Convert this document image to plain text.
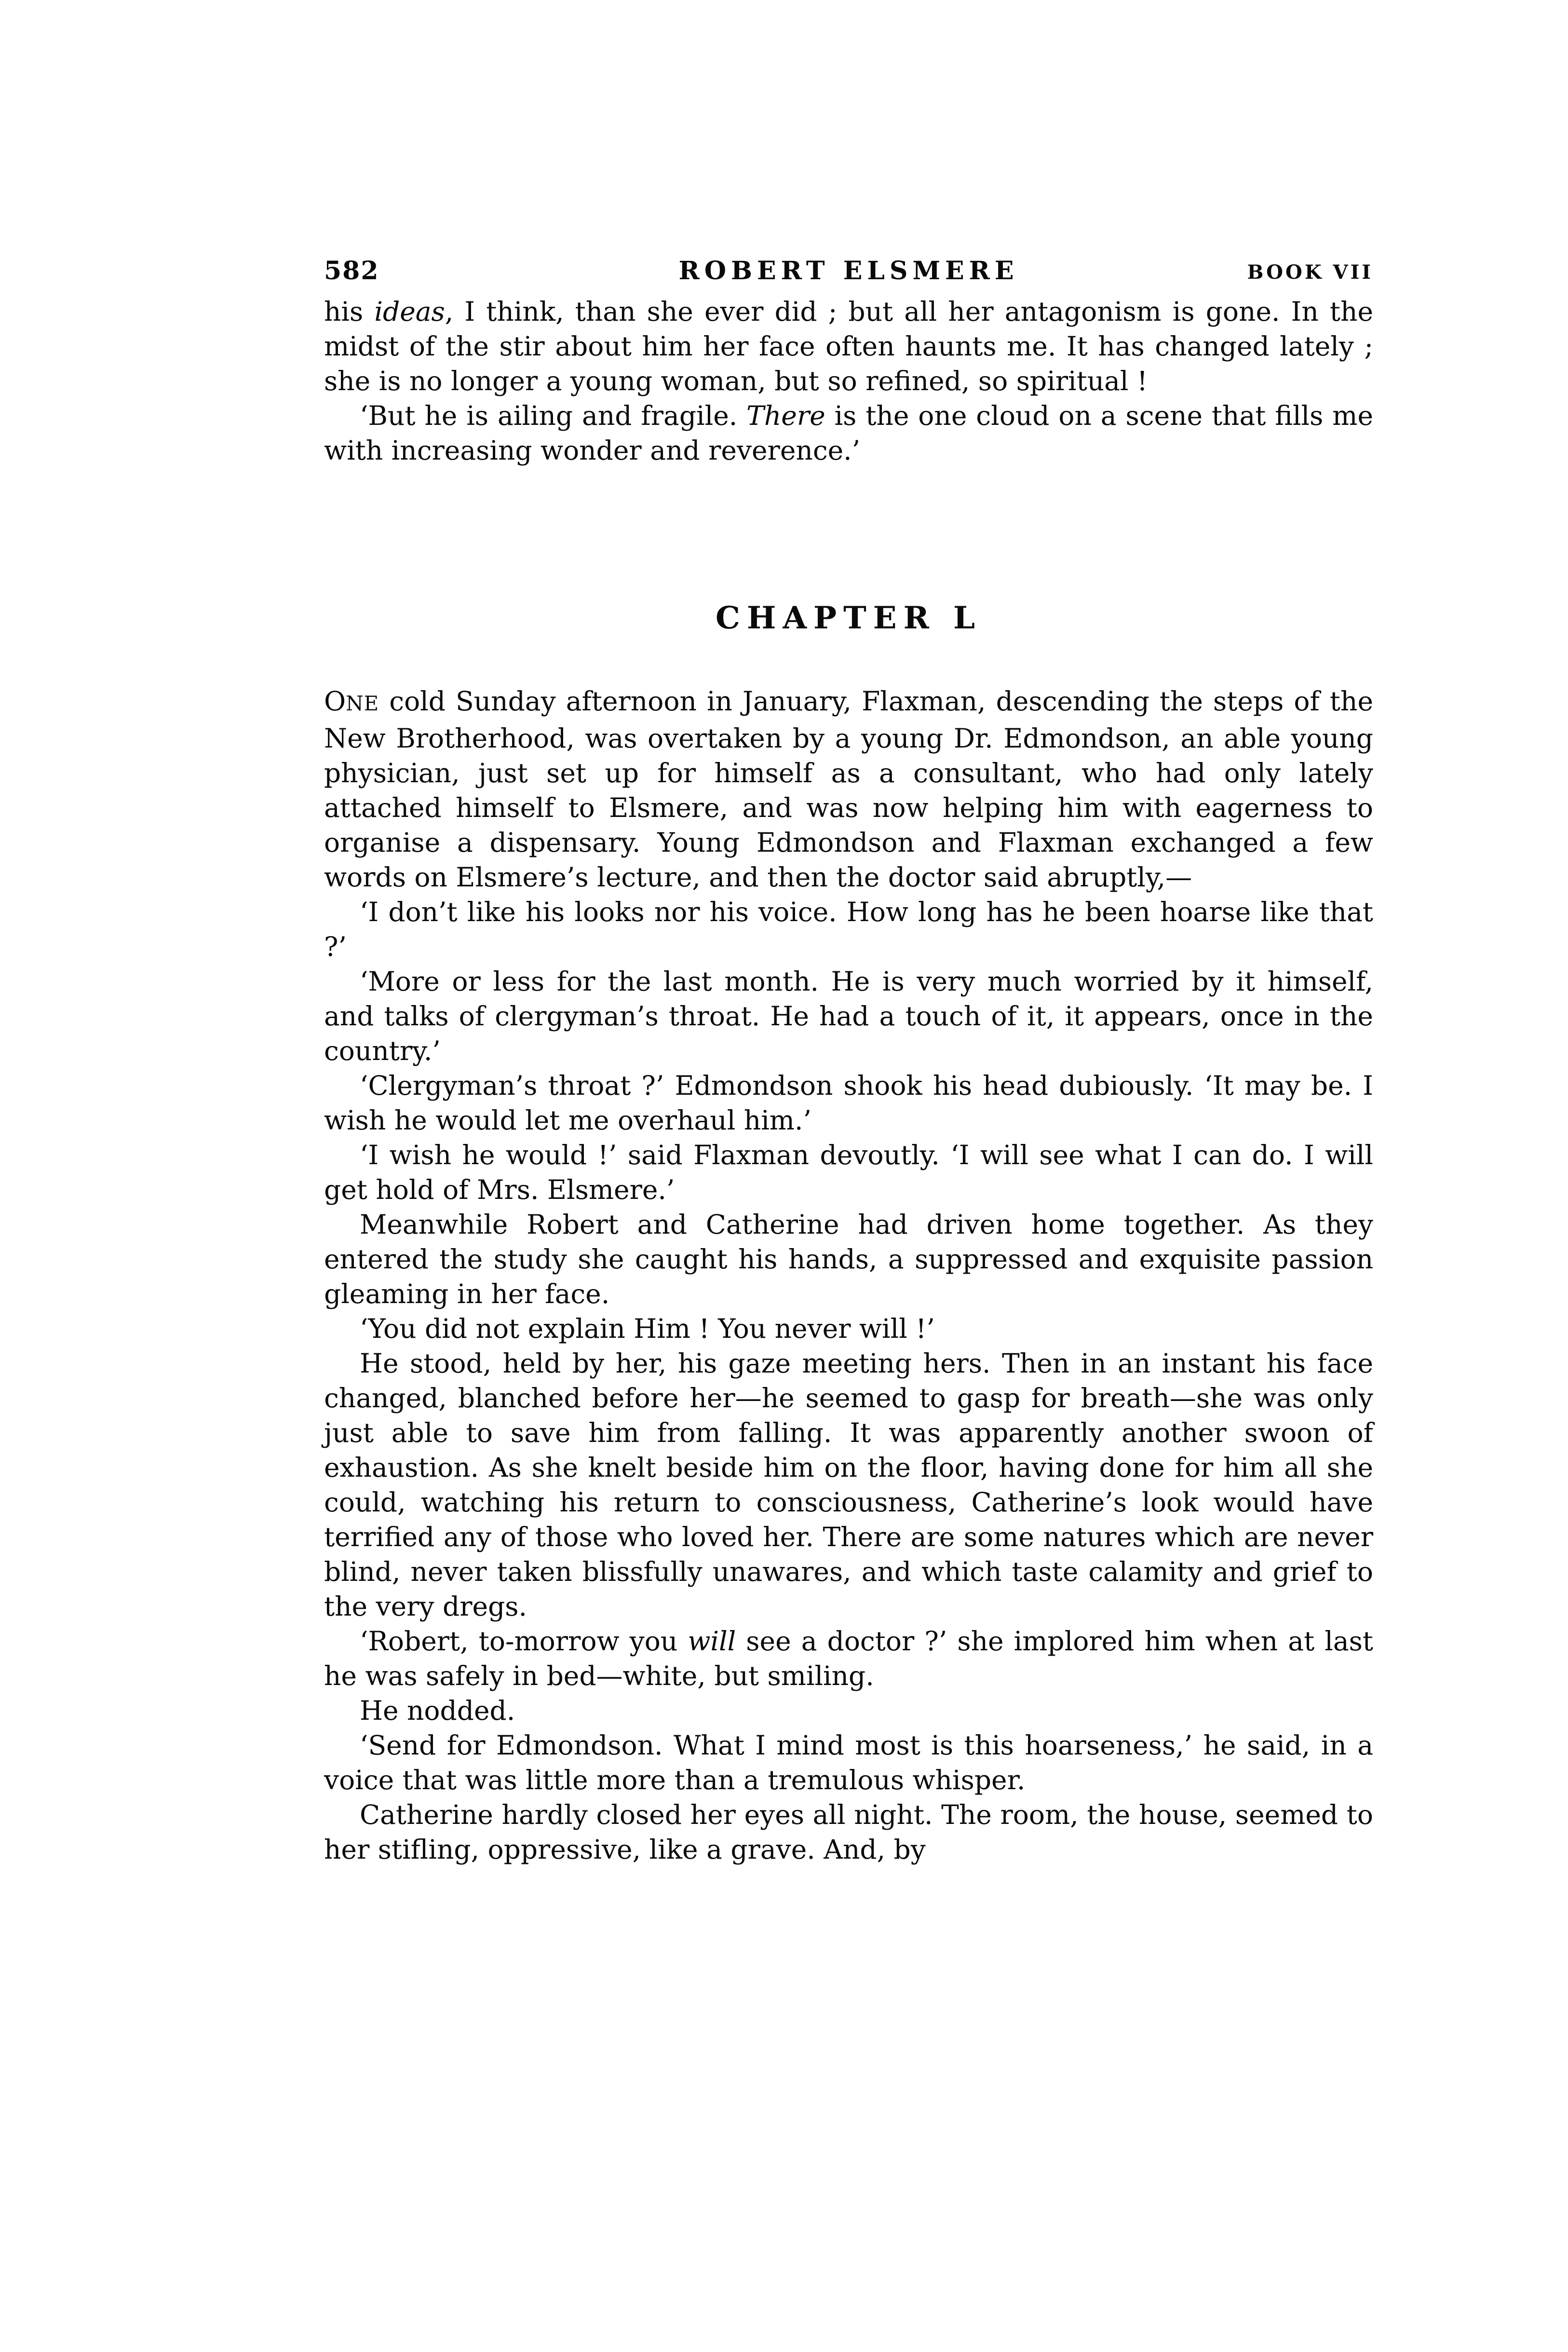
582	ROBERT ELSMERE	BOOK VII

his ideas, I think, than she ever did ; but all her antagonism is gone. In the midst of the stir about him her face often haunts me. It has changed lately ; she is no longer a young woman, but so refined, so spiritual !

‘But he is ailing and fragile. There is the one cloud on a scene that fills me with increasing wonder and reverence.’

CHAPTER L

ONE cold Sunday afternoon in January, Flaxman, descending the steps of the New Brotherhood, was overtaken by a young Dr. Edmondson, an able young physician, just set up for himself as a consultant, who had only lately attached himself to Elsmere, and was now helping him with eagerness to organise a dispensary. Young Edmondson and Flaxman exchanged a few words on Elsmere’s lecture, and then the doctor said abruptly,—

‘I don’t like his looks nor his voice. How long has he been hoarse like that ?’

‘More or less for the last month. He is very much worried by it himself, and talks of clergyman’s throat. He had a touch of it, it appears, once in the country.’

‘Clergyman’s throat ?’ Edmondson shook his head dubiously. ‘It may be. I wish he would let me overhaul him.’

‘I wish he would !’ said Flaxman devoutly. ‘I will see what I can do. I will get hold of Mrs. Elsmere.’

Meanwhile Robert and Catherine had driven home together. As they entered the study she caught his hands, a suppressed and exquisite passion gleaming in her face.

‘You did not explain Him ! You never will !’

He stood, held by her, his gaze meeting hers. Then in an instant his face changed, blanched before her—he seemed to gasp for breath—she was only just able to save him from falling. It was apparently another swoon of exhaustion. As she knelt beside him on the floor, having done for him all she could, watching his return to consciousness, Catherine’s look would have terrified any of those who loved her. There are some natures which are never blind, never taken blissfully unawares, and which taste calamity and grief to the very dregs.

‘Robert, to-morrow you will see a doctor ?’ she implored him when at last he was safely in bed—white, but smiling.

He nodded.

‘Send for Edmondson. What I mind most is this hoarseness,’ he said, in a voice that was little more than a tremulous whisper.

Catherine hardly closed her eyes all night. The room, the house, seemed to her stifling, oppressive, like a grave. And, by
